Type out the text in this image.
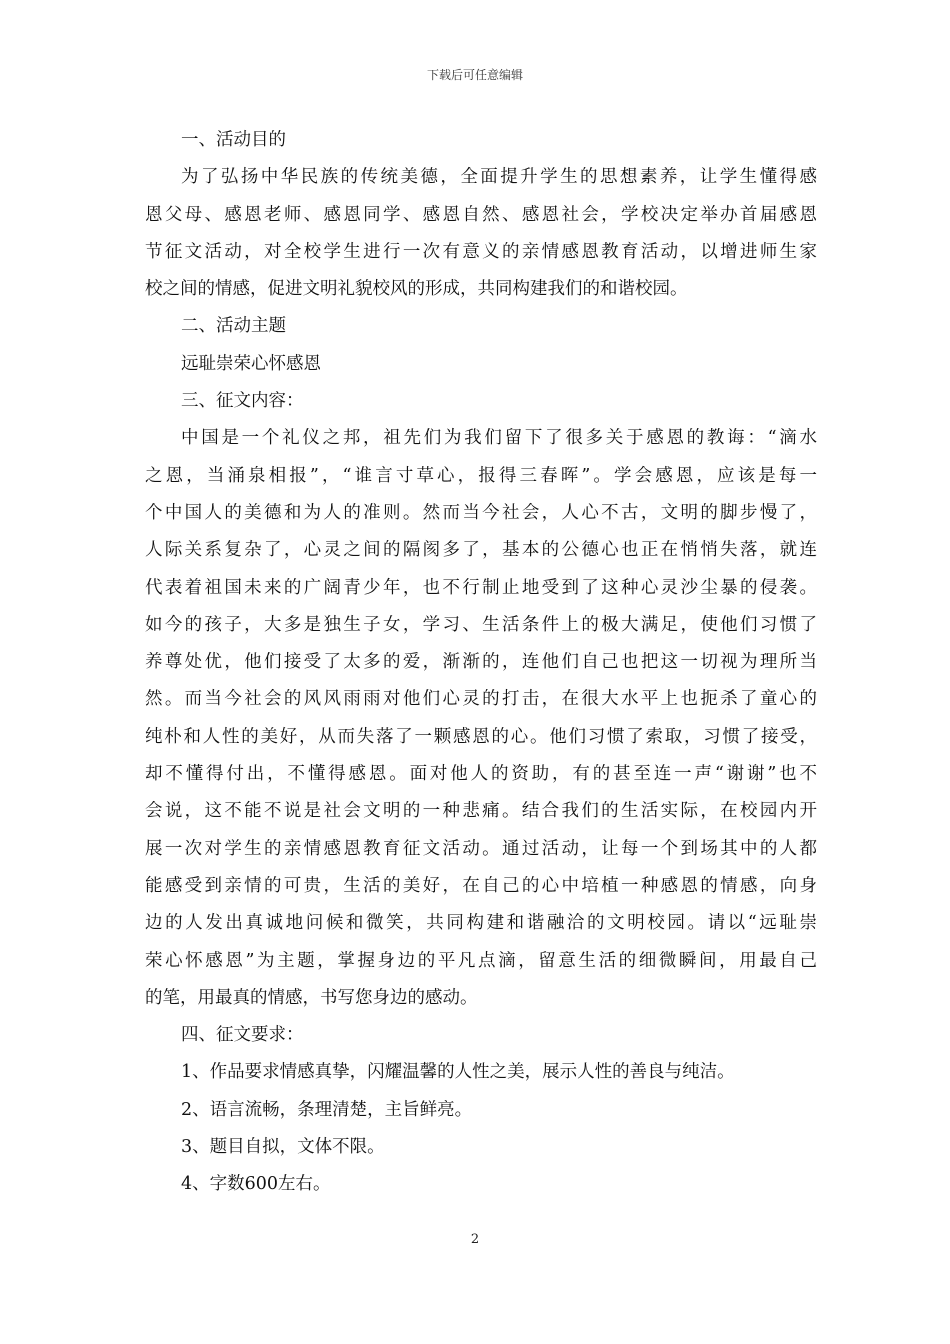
下载后可任意编辑
一、活动目的
为了弘扬中华民族的传统美德，全面提升学生的思想素养，让学生懂得感
恩父母、感恩老师、感恩同学、感恩自然、感恩社会，学校决定举办首届感恩
节征文活动，对全校学生进行一次有意义的亲情感恩教育活动，以增进师生家
校之间的情感，促进文明礼貌校风的形成，共同构建我们的和谐校园。
二、活动主题
远耻崇荣心怀感恩
三、征文内容：
中国是一个礼仪之邦，祖先们为我们留下了很多关于感恩的教诲：“滴水
之恩，当涌泉相报”，“谁言寸草心，报得三春晖”。学会感恩，应该是每一
个中国人的美德和为人的准则。然而当今社会，人心不古，文明的脚步慢了，
人际关系复杂了，心灵之间的隔阂多了，基本的公德心也正在悄悄失落，就连
代表着祖国未来的广阔青少年，也不行制止地受到了这种心灵沙尘暴的侵袭。
如今的孩子，大多是独生子女，学习、生活条件上的极大满足，使他们习惯了
养尊处优，他们接受了太多的爱，渐渐的，连他们自己也把这一切视为理所当
然。而当今社会的风风雨雨对他们心灵的打击，在很大水平上也扼杀了童心的
纯朴和人性的美好，从而失落了一颗感恩的心。他们习惯了索取，习惯了接受，
却不懂得付出，不懂得感恩。面对他人的资助，有的甚至连一声“谢谢”也不
会说，这不能不说是社会文明的一种悲痛。结合我们的生活实际，在校园内开
展一次对学生的亲情感恩教育征文活动。通过活动，让每一个到场其中的人都
能感受到亲情的可贵，生活的美好，在自己的心中培植一种感恩的情感，向身
边的人发出真诚地问候和微笑，共同构建和谐融洽的文明校园。请以“远耻崇
荣心怀感恩”为主题，掌握身边的平凡点滴，留意生活的细微瞬间，用最自己
的笔，用最真的情感，书写您身边的感动。
四、征文要求：
1、作品要求情感真挚，闪耀温馨的人性之美，展示人性的善良与纯洁。
2、语言流畅，条理清楚，主旨鲜亮。
3、题目自拟，文体不限。
4、字数600左右。
2
